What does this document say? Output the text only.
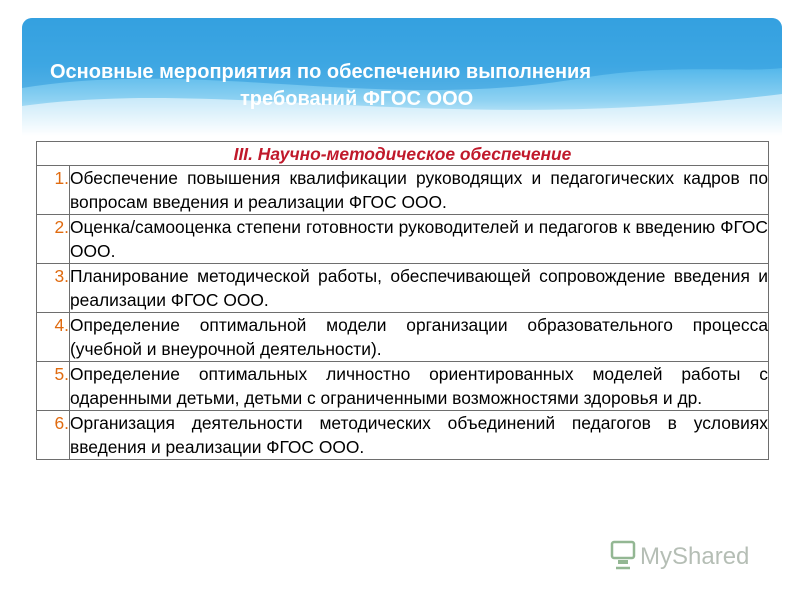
Основные мероприятия по обеспечению выполнения

требований ФГОС ООО

III. Научно-методическое обеспечение	
1.	Обеспечение повышения квалификации руководящих и педагогических кадров по вопросам введения и реализации ФГОС ООО.
2.	Оценка/самооценка степени готовности руководителей и педагогов к введению ФГОС ООО.
3.	Планирование методической работы, обеспечивающей сопровождение введения и реализации ФГОС ООО.
4.	Определение оптимальной модели организации образовательного процесса (учебной и внеурочной деятельности).
5.	Определение оптимальных личностно ориентированных моделей работы с одаренными детьми, детьми с ограниченными возможностями здоровья и др.
6.	Организация деятельности методических объединений педагогов в условиях введения и реализации ФГОС ООО.
MyShared
